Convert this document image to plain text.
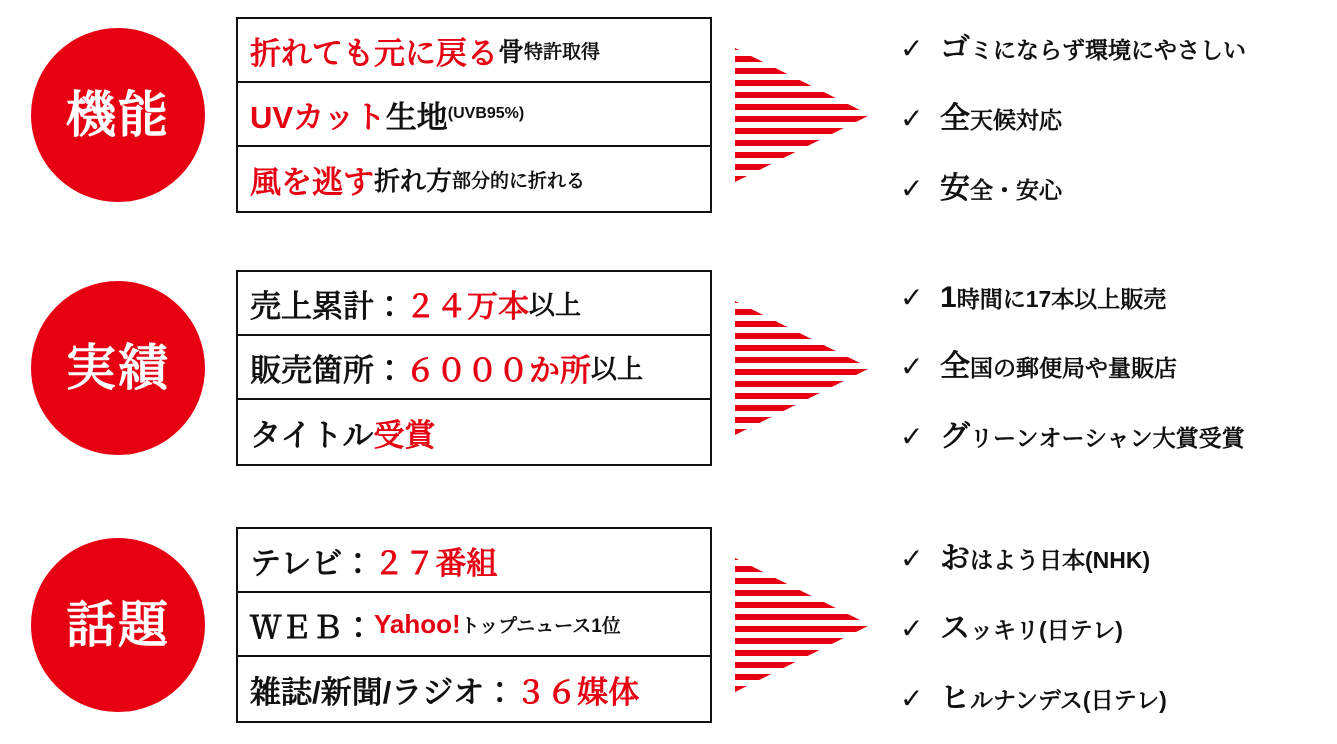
機能
折れても元に戻る 骨 特許取得
UVカット 生地 (UVB95%)
風を逃す 折れ方 部分的に折れる
✓ ゴ ミにならず環境にやさしい
✓ 全 天候対応
✓ 安 全・安心
実績
売上累計： ２４万本 以上
販売箇所： ６０００か所 以上
タイトル 受賞
✓ 1 時間に17本以上販売
✓ 全 国の郵便局や量販店
✓ グ リーンオーシャン大賞受賞
話題
テレビ： ２７番組
ＷＥＢ： Yahoo! トップニュース1位
雑誌/新聞/ラジオ： ３６媒体
✓ お はよう日本(NHK)
✓ ス ッキリ(日テレ)
✓ ヒ ルナンデス(日テレ)
